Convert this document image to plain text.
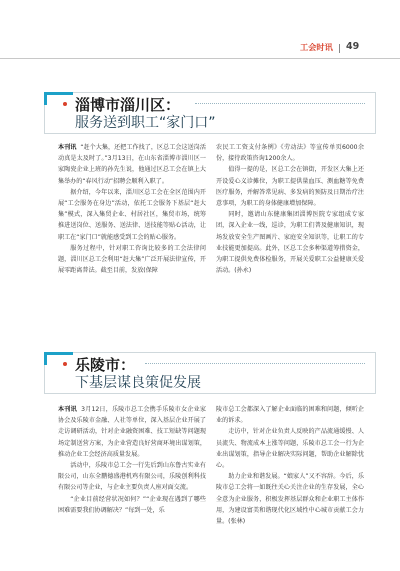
工会时讯 49
淄博市淄川区：
服务送到职工“家门口”

本刊讯 “赶个大集，还把工作找了，区总工会这送岗活动真是太及时了。”3月13日，在山东省淄博市淄川区一家陶瓷企业上班的孙先生说，他通过区总工会在镇上大集举办的“春风行动”招聘会顺利入职了。

据介绍，今年以来，淄川区总工会在全区范围内开展“工会服务在身边”活动，依托工会服务下基层“赶大集”模式，深入集贸企业、村居社区，集贸市场，统筹推进送岗位、送服务、送法律、送技能等贴心活动，让职工在“家门口”就能感受到工会的贴心服务。

服务过程中，针对职工咨询比较多的工会法律问题，淄川区总工会利用“赶大集”广泛开展法律宣传，开展零距离普法。截至目前，发放(保障

农民工工资支付条例》《劳动法》等宣传单页6000余份，接待政策咨询1200余人。

值得一提的是，区总工会在镇街，开发区大集上还开设爱心义诊摊位，为职工提供量血压、测血糖等免费医疗服务，并解答常见病、多发病的预防及日期治疗注意事项，为职工的身体健康增加保障。

同时，邀请山东健康集团淄博医院专家组成专家团，深入企业一线，巡诊，为职工们普及健康知识，现场发放安全生产图画片、家庭安全知识等，让职工的专业技能更加提高。此外，区总工会多种渠道筹措资金，为职工提供免费体检服务，开展关爱职工公益健康关爱活动。(孙永)

乐陵市：
下基层谋良策促发展

本刊讯 3月12日，乐陵市总工会携手乐陵市女企业家协会及乐陵市金融、人社等单位，深入基层企业开展了走访调研活动，针对企业融资困难、技工短缺等问题现场定制送营方案，为企业营造良好营商环境出谋划策，推动企业工会经济高质量发展。

活动中，乐陵市总工会一行先后到山东鲁古实业有限公司，山东全鹏德盛港机鸡有限公司，乐陵创利科技有限公司等企业，与企业主要负责人座对面交流。

“企业目前经营状况如何？”“企业现在遇到了哪些困难需要我们协调解决？”每到一处，乐

陵市总工会都深入了解企业面临的困难和问题，倾听企业的诉求。

走访中，针对企业负责人反映的产品流通缓慢、人员流失、物流成本上涨等问题，乐陵市总工会一行为企业出谋划策，指导企业解决实际问题，帮助企业解除忧心。

助力企业和谐发展。“娘家人”又不容辞。今后，乐陵市总工会将一如既往关心关注企业的生存发展，全心全意为企业服务，积极发挥基层群众和企业职工主体作用，为建设富美和谐现代化区域性中心城市贡献工会力量。(张林)
